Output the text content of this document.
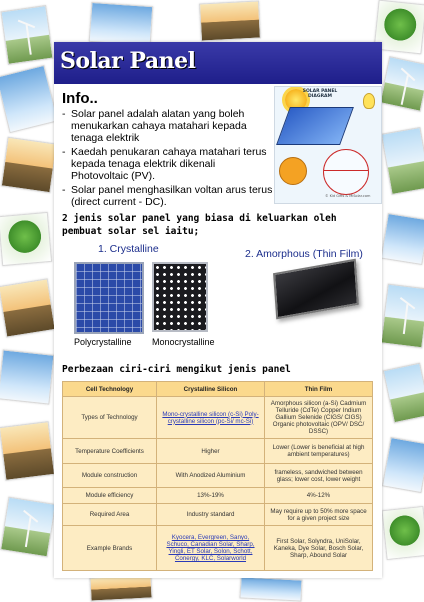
Solar Panel
Info..
- Solar panel adalah alatan yang boleh menukarkan cahaya matahari kepada tenaga elektrik
- Kaedah penukaran cahaya matahari terus kepada tenaga elektrik dikenali Photovoltaic (PV).
- Solar panel menghasilkan voltan arus terus (direct current - DC).
SOLAR PANEL DIAGRAM
© Kid Gifts & MiSolar.com
2 jenis solar panel yang biasa di keluarkan oleh pembuat solar sel iaitu;
1. Crystalline	2. Amorphous (Thin Film)
Polycrystalline Monocrystalline
Perbezaan ciri-ciri mengikut jenis panel
Cell Technology	Crystalline Silicon	Thin Film
Types of Technology	Mono-crystalline silicon (c-Si) Poly-crystalline silicon (pc-Si/ mc-Si)	Amorphous silicon (a-Si) Cadmium Telluride (CdTe) Copper Indium Gallium Selenide (CIGS/ CIGS) Organic photovoltaic (OPV/ DSC/ DSSC)
Temperature Coefficients	Higher	Lower (Lower is beneficial at high ambient temperatures)
Module construction	With Anodized Aluminium	frameless, sandwiched between glass; lower cost, lower weight
Module efficiency	13%-19%	4%-12%
Required Area	Industry standard	May require up to 50% more space for a given project size
Example Brands	Kyocera, Evergreen, Sanyo, Schuco, Canadian Solar, Sharp, Yingli, ET Solar, Solon, Schott, Conergy, KLC, Solarworld	First Solar, Solyndra, UniSolar, Kaneka, Dye Solar, Bosch Solar, Sharp, Abound Solar
